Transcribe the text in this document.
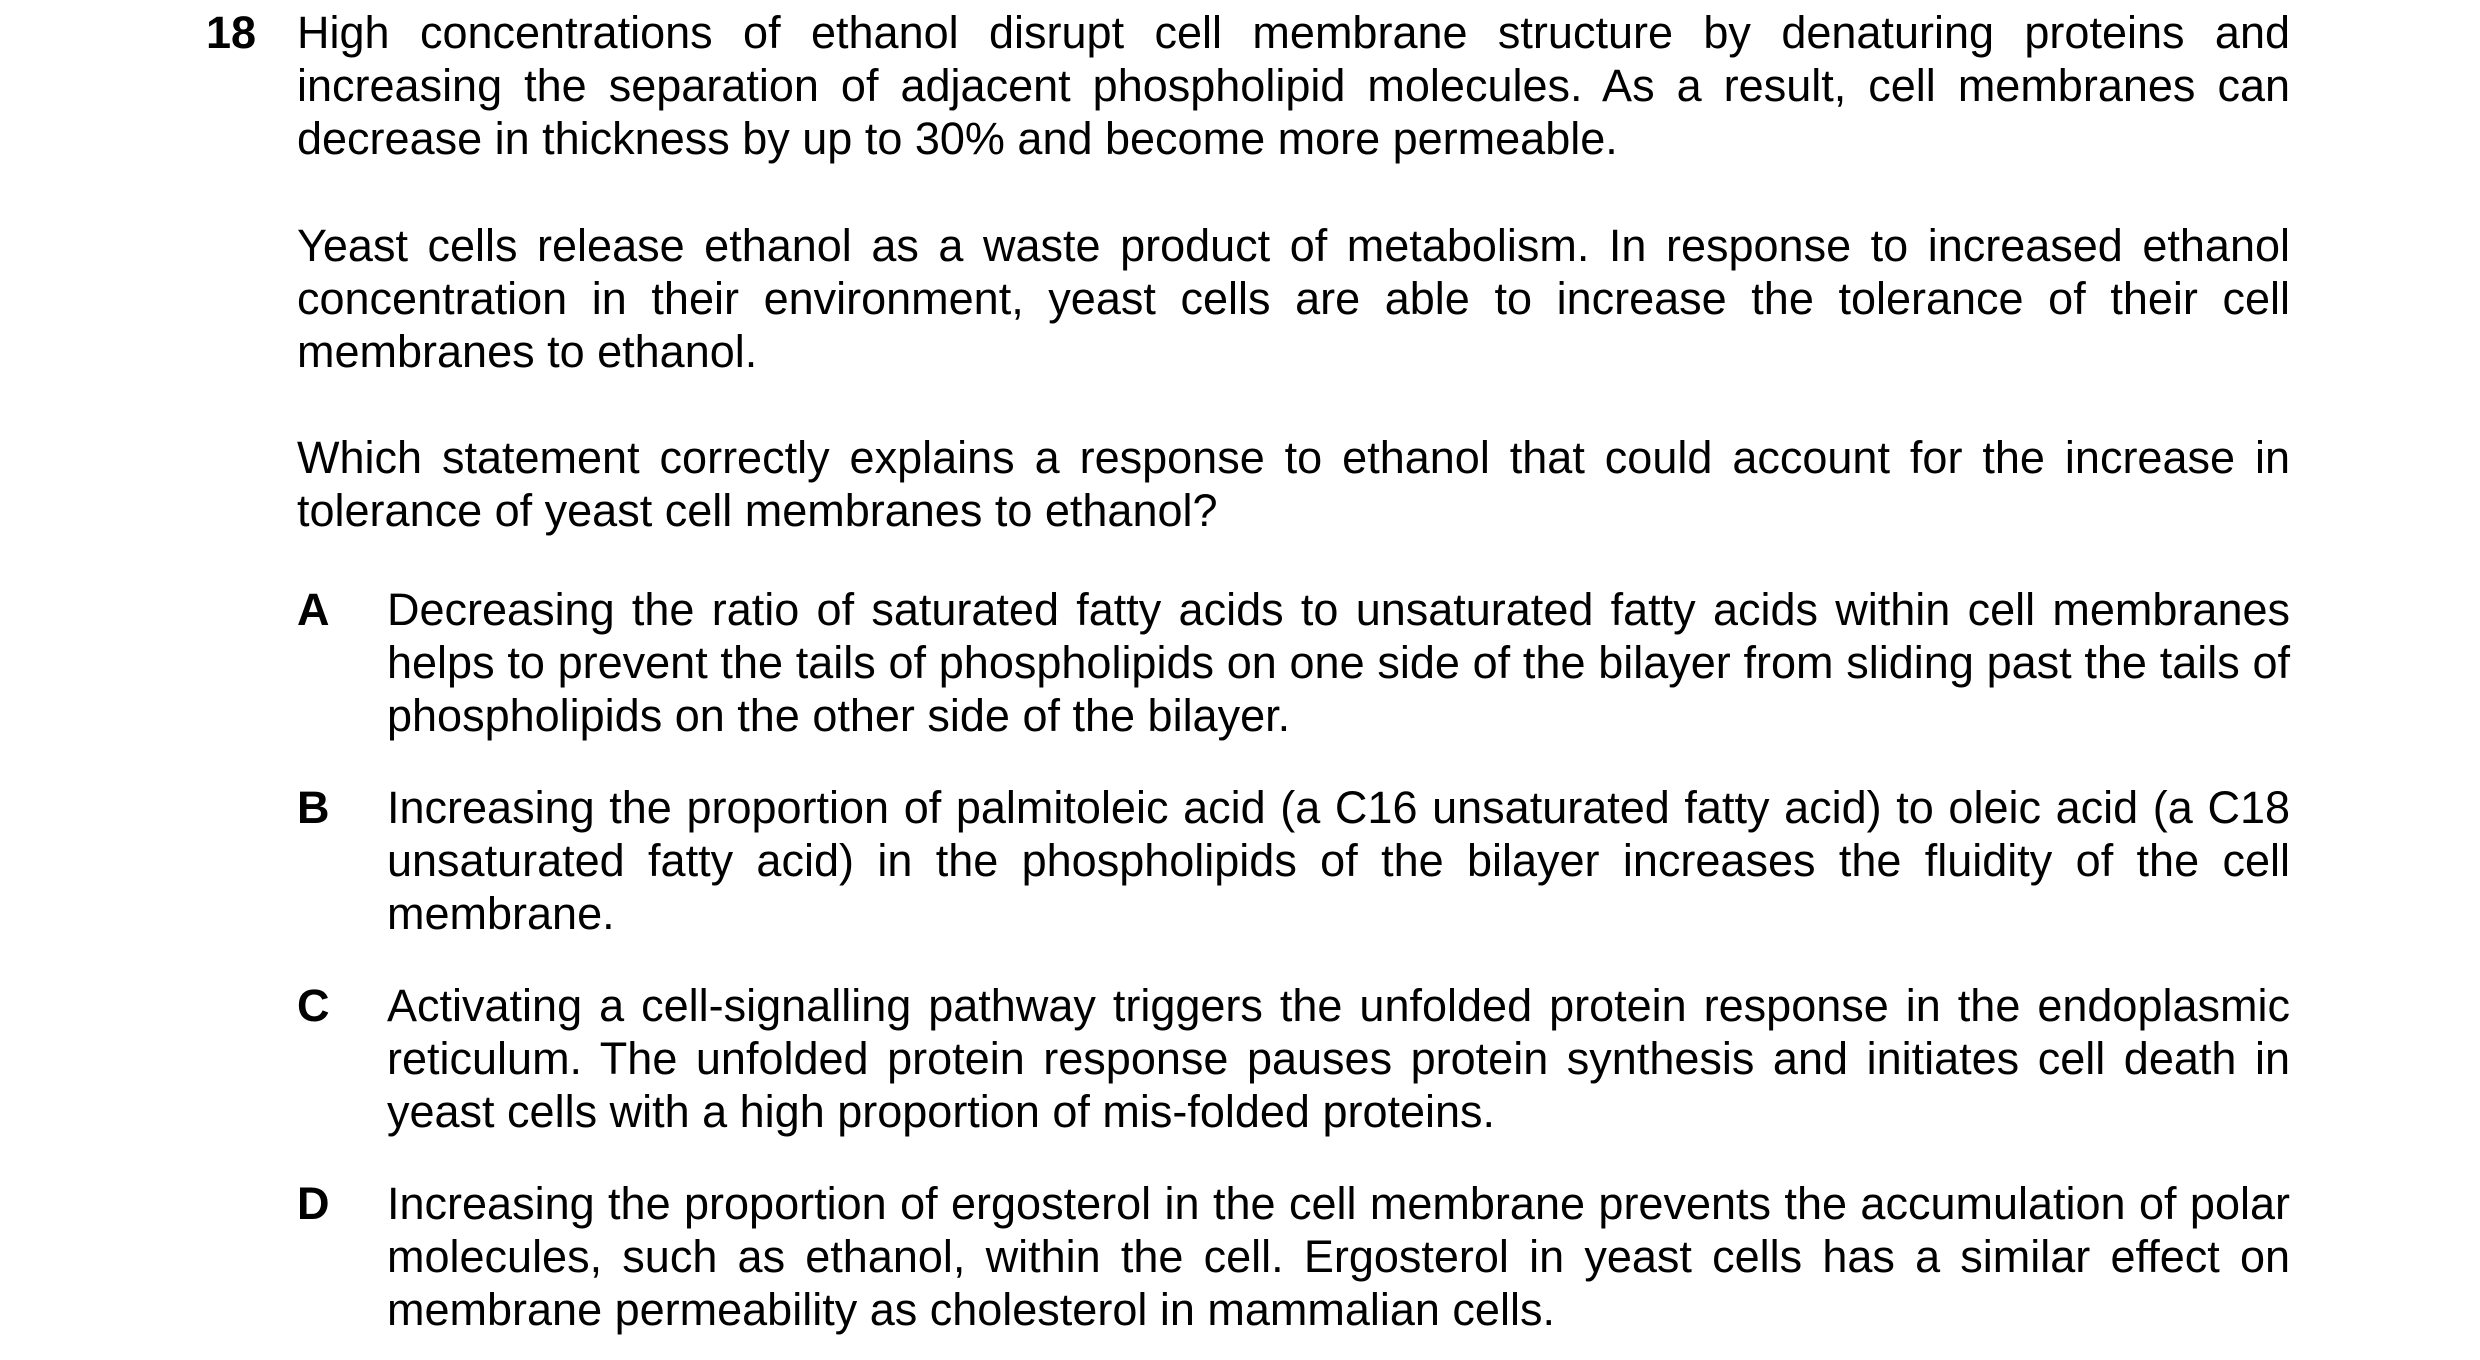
18 High concentrations of ethanol disrupt cell membrane structure by denaturing proteins and increasing the separation of adjacent phospholipid molecules. As a result, cell membranes can decrease in thickness by up to 30% and become more permeable.

Yeast cells release ethanol as a waste product of metabolism. In response to increased ethanol concentration in their environment, yeast cells are able to increase the tolerance of their cell membranes to ethanol.

Which statement correctly explains a response to ethanol that could account for the increase in tolerance of yeast cell membranes to ethanol?

A Decreasing the ratio of saturated fatty acids to unsaturated fatty acids within cell membranes helps to prevent the tails of phospholipids on one side of the bilayer from sliding past the tails of phospholipids on the other side of the bilayer.
B Increasing the proportion of palmitoleic acid (a C16 unsaturated fatty acid) to oleic acid (a C18 unsaturated fatty acid) in the phospholipids of the bilayer increases the fluidity of the cell membrane.
C Activating a cell-signalling pathway triggers the unfolded protein response in the endoplasmic reticulum. The unfolded protein response pauses protein synthesis and initiates cell death in yeast cells with a high proportion of mis-folded proteins.
D Increasing the proportion of ergosterol in the cell membrane prevents the accumulation of polar molecules, such as ethanol, within the cell. Ergosterol in yeast cells has a similar effect on membrane permeability as cholesterol in mammalian cells.
